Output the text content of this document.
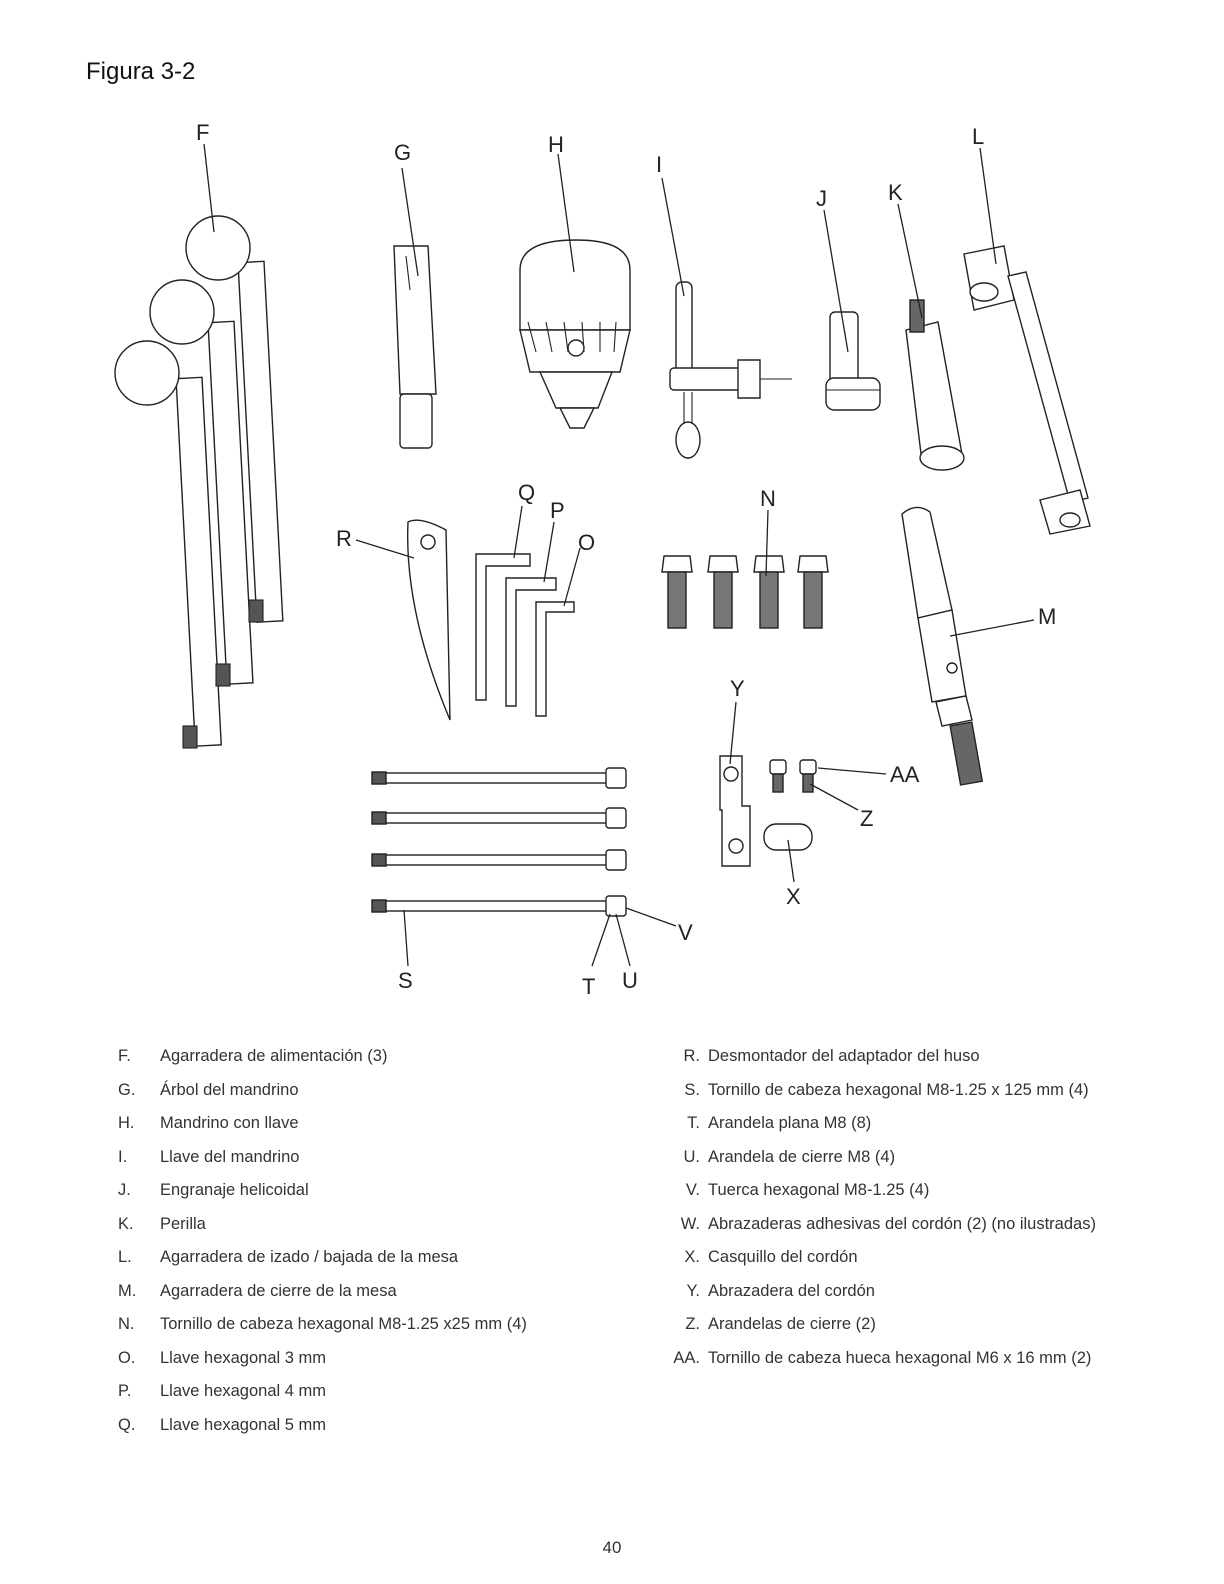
Figura 3-2
F
G	H
I
J	K
L
M
N
O
P
Q
R
S	T U
V
X
Y
Z
AA
F.	Agarradera de alimentación (3)
G.	Árbol del mandrino
H.	Mandrino con llave
I.	Llave del mandrino
J.	Engranaje helicoidal
K.	Perilla
L.	Agarradera de izado / bajada de la mesa
M.	Agarradera de cierre de la mesa
N.	Tornillo de cabeza hexagonal M8-1.25 x25 mm (4)
O.	Llave hexagonal 3 mm
P.	Llave hexagonal 4 mm
Q.	Llave hexagonal 5 mm
R. Desmontador del adaptador del huso
S. Tornillo de cabeza hexagonal M8-1.25 x 125 mm (4)
T. Arandela plana M8 (8)
U. Arandela de cierre M8 (4)
V. Tuerca hexagonal M8-1.25 (4)
W. Abrazaderas adhesivas del cordón (2) (no ilustradas)
X. Casquillo del cordón
Y. Abrazadera del cordón
Z. Arandelas de cierre (2)
AA. Tornillo de cabeza hueca hexagonal M6 x 16 mm (2)
40
